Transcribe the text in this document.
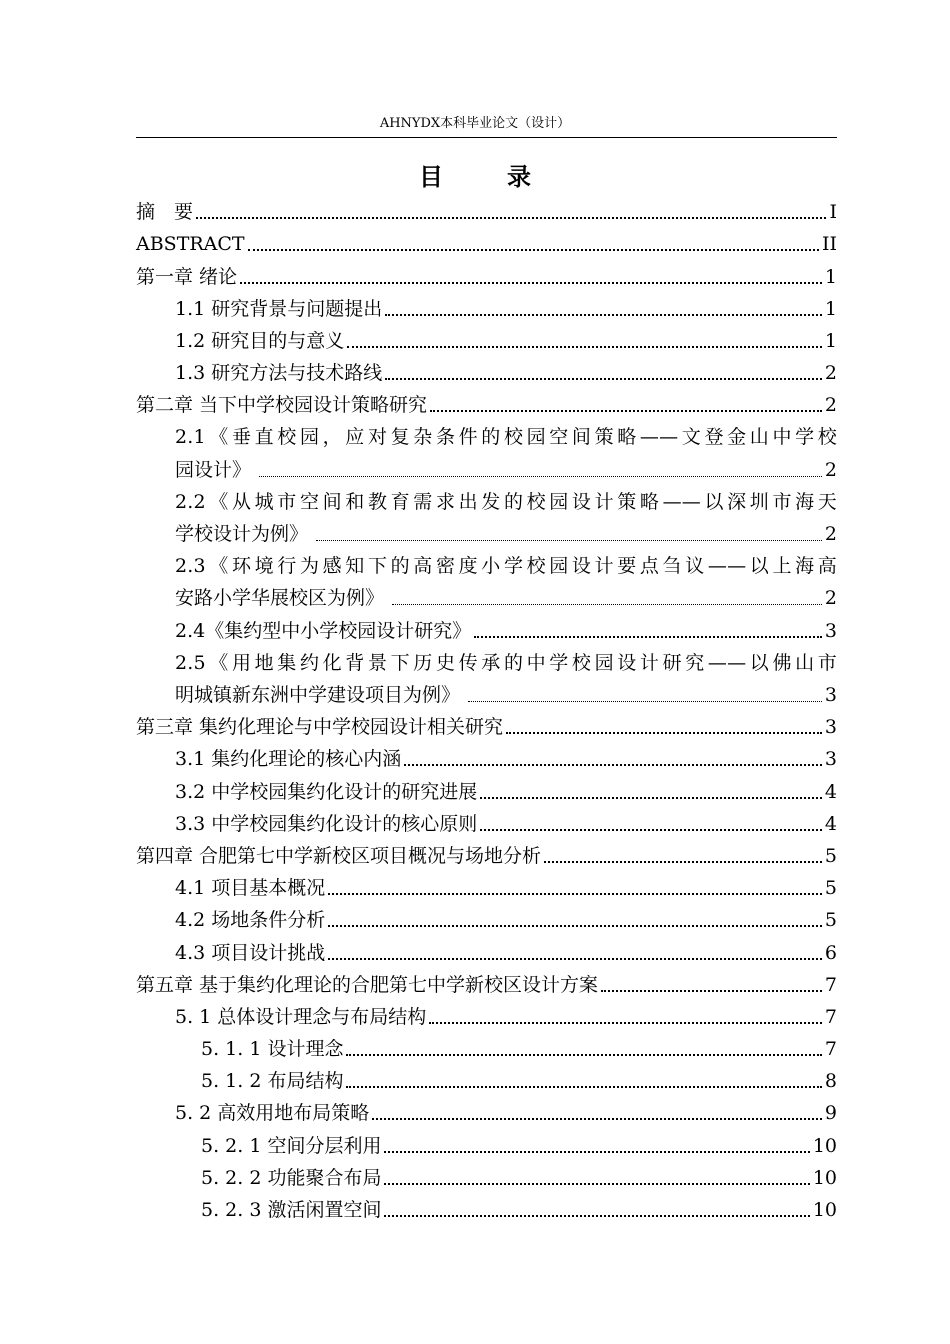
AHNYDX本科毕业论文（设计）
目　录
摘　要	I
ABSTRACT	II
第一章 绪论	1
1.1 研究背景与问题提出	1
1.2 研究目的与意义	1
1.3 研究方法与技术路线	2
第二章 当下中学校园设计策略研究	2
2.1《垂直校园，应对复杂条件的校园空间策略——文登金山中学校
园设计》	2
2.2《从城市空间和教育需求出发的校园设计策略——以深圳市海天
学校设计为例》	2
2.3《环境行为感知下的高密度小学校园设计要点刍议——以上海高
安路小学华展校区为例》	2
2.4《集约型中小学校园设计研究》	3
2.5《用地集约化背景下历史传承的中学校园设计研究——以佛山市
明城镇新东洲中学建设项目为例》	3
第三章 集约化理论与中学校园设计相关研究	3
3.1 集约化理论的核心内涵	3
3.2 中学校园集约化设计的研究进展	4
3.3 中学校园集约化设计的核心原则	4
第四章 合肥第七中学新校区项目概况与场地分析	5
4.1 项目基本概况	5
4.2 场地条件分析	5
4.3 项目设计挑战	6
第五章 基于集约化理论的合肥第七中学新校区设计方案	7
5. 1 总体设计理念与布局结构	7
5. 1. 1 设计理念	7
5. 1. 2 布局结构	8
5. 2 高效用地布局策略	9
5. 2. 1 空间分层利用	10
5. 2. 2 功能聚合布局	10
5. 2. 3 激活闲置空间	10
